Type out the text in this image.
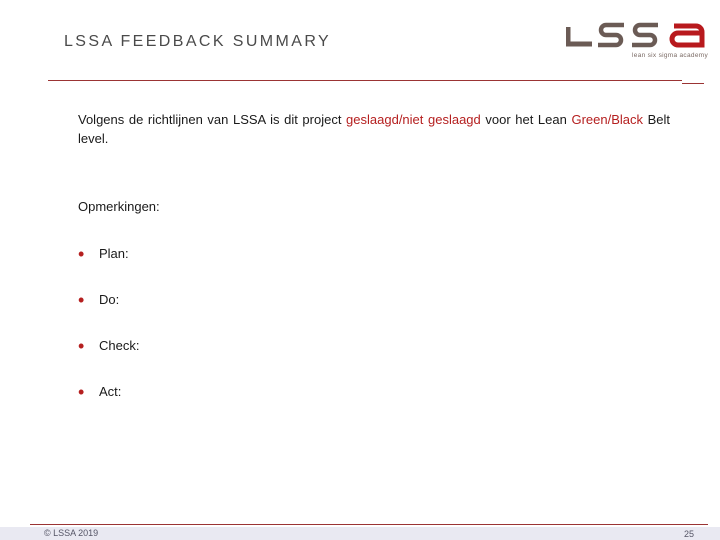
LSSA FEEDBACK SUMMARY
lean six sigma academy
Volgens de richtlijnen van LSSA is dit project geslaagd/niet geslaagd voor het Lean Green/Black Belt level.
Opmerkingen:
• Plan:
• Do:
• Check:
• Act:
© LSSA 2019	25
